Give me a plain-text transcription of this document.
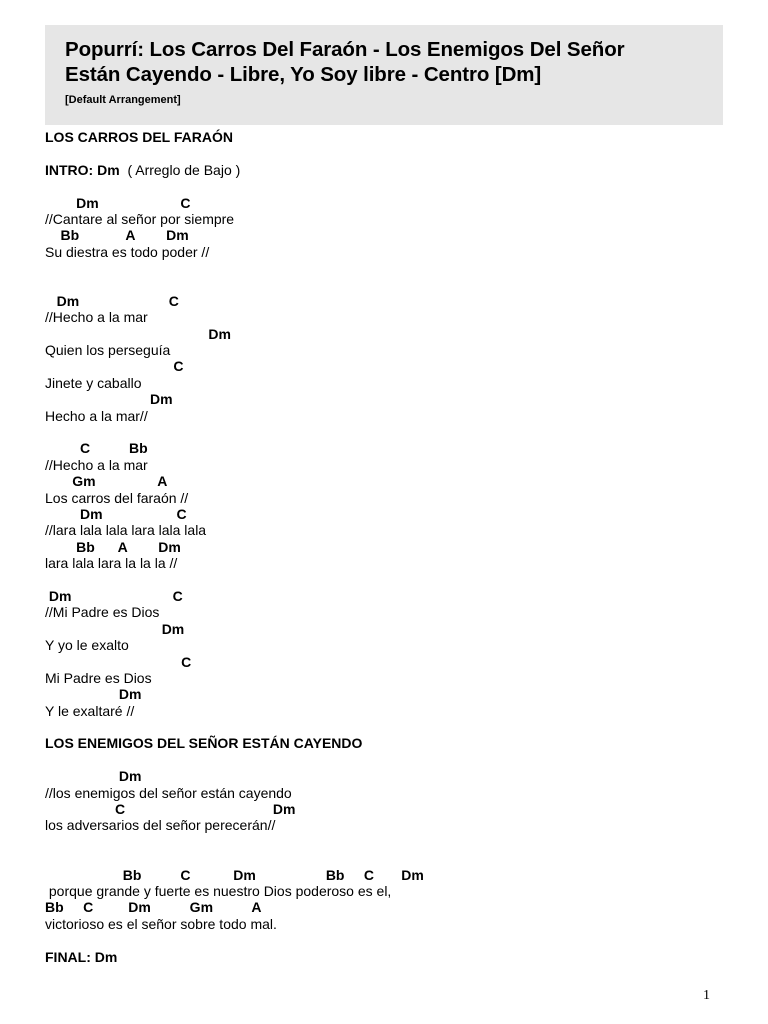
Popurrí: Los Carros Del Faraón - Los Enemigos Del Señor
Están Cayendo - Libre, Yo Soy libre - Centro [Dm]
[Default Arrangement]
LOS CARROS DEL FARAÓN
INTRO: Dm  ( Arreglo de Bajo )
Dm                     C
//Cantare al señor por siempre
Bb            A        Dm
Su diestra es todo poder //
Dm                       C
//Hecho a la mar
Dm
Quien los perseguía
C
Jinete y caballo
Dm
Hecho a la mar//
C          Bb
//Hecho a la mar
Gm                A
Los carros del faraón //
Dm                   C
//lara lala lala lara lala lala
Bb      A        Dm
lara lala lara la la la //
Dm                          C
//Mi Padre es Dios
Dm
Y yo le exalto
C
Mi Padre es Dios
Dm
Y le exaltaré //
LOS ENEMIGOS DEL SEÑOR ESTÁN CAYENDO
Dm
//los enemigos del señor están cayendo
C                                      Dm
los adversarios del señor perecerán//
Bb          C           Dm                  Bb     C       Dm
porque grande y fuerte es nuestro Dios poderoso es el,
Bb     C         Dm          Gm          A
victorioso es el señor sobre todo mal.
FINAL: Dm
1
